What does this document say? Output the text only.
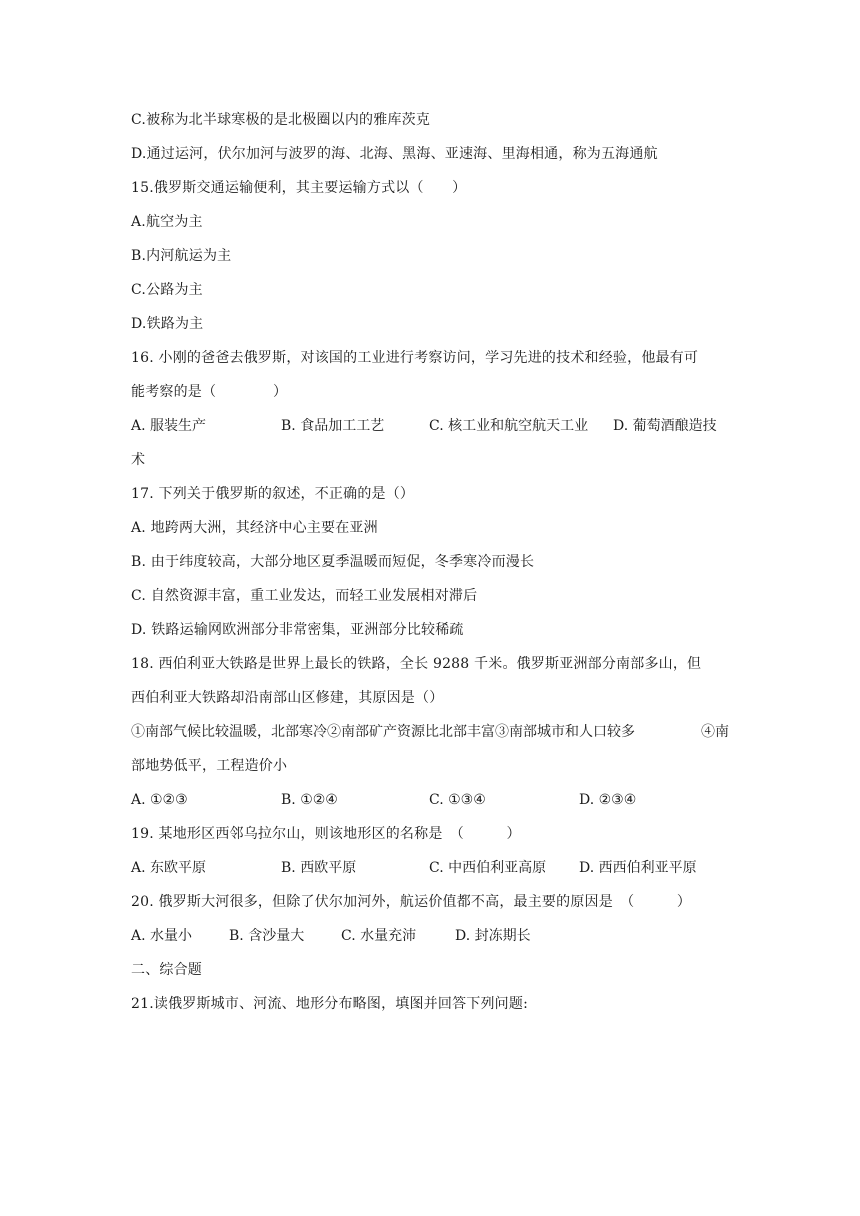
C.被称为北半球寒极的是北极圈以内的雅库茨克
D.通过运河，伏尔加河与波罗的海、北海、黑海、亚速海、里海相通，称为五海通航
15.俄罗斯交通运输便利，其主要运输方式以（　　）
A.航空为主
B.内河航运为主
C.公路为主
D.铁路为主
16. 小刚的爸爸去俄罗斯，对该国的工业进行考察访问，学习先进的技术和经验，他最有可
能考察的是（　　　　）
A. 服装生产	B. 食品加工工艺	C. 核工业和航空航天工业 D. 葡萄酒酿造技
术
17. 下列关于俄罗斯的叙述，不正确的是（）
A. 地跨两大洲，其经济中心主要在亚洲
B. 由于纬度较高，大部分地区夏季温暖而短促，冬季寒冷而漫长
C. 自然资源丰富，重工业发达，而轻工业发展相对滞后
D. 铁路运输网欧洲部分非常密集，亚洲部分比较稀疏
18. 西伯利亚大铁路是世界上最长的铁路，全长 9288 千米。俄罗斯亚洲部分南部多山，但
西伯利亚大铁路却沿南部山区修建，其原因是（）
①南部气候比较温暖，北部寒冷②南部矿产资源比北部丰富③南部城市和人口较多	④南
部地势低平，工程造价小
A. ①②③	B. ①②④	C. ①③④	D. ②③④
19. 某地形区西邻乌拉尔山，则该地形区的名称是　（　　　）
A. 东欧平原	B. 西欧平原	C. 中西伯利亚高原 D. 西西伯利亚平原
20. 俄罗斯大河很多，但除了伏尔加河外，航运价值都不高，最主要的原因是　（　　　）
A. 水量小	B. 含沙量大	C. 水量充沛	D. 封冻期长
二、综合题
21.读俄罗斯城市、河流、地形分布略图，填图并回答下列问题:
